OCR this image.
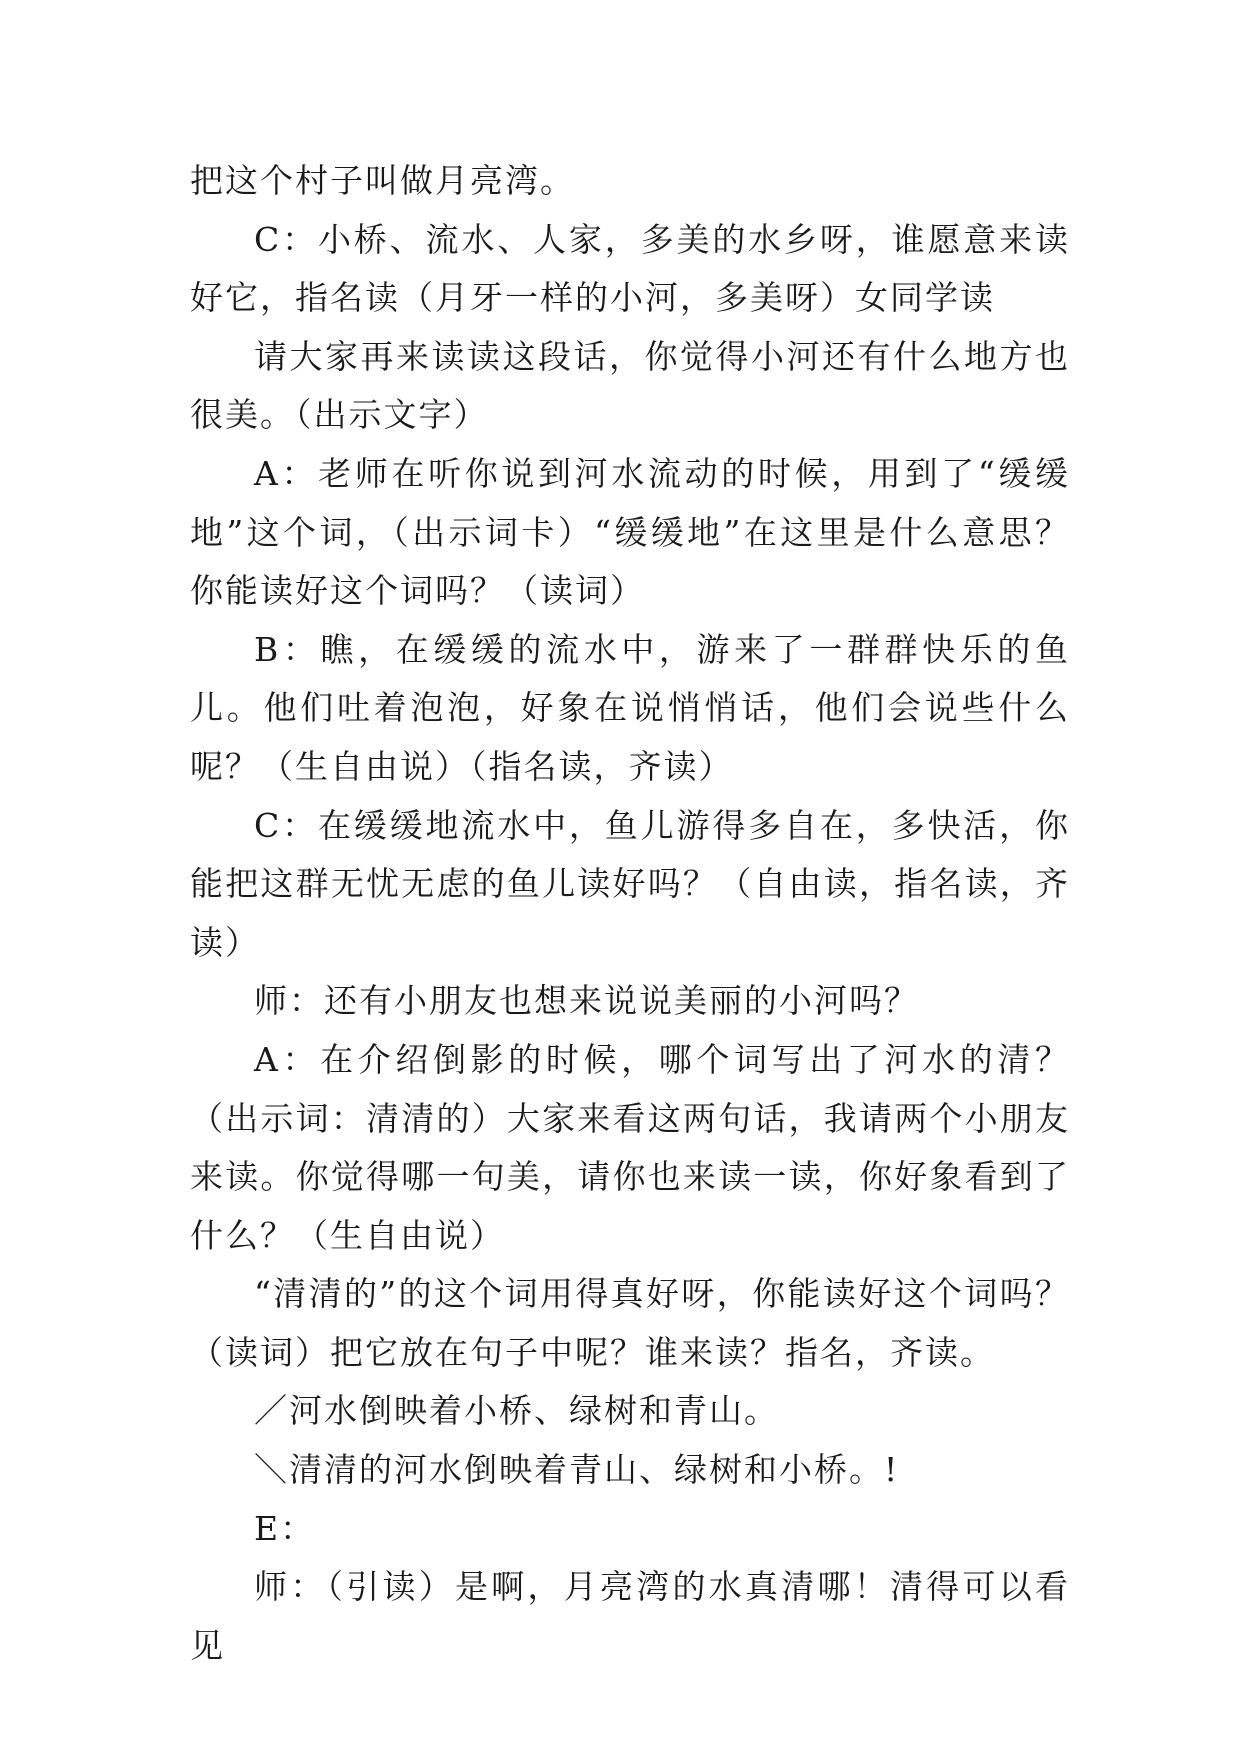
把这个村子叫做月亮湾。

C：小桥、流水、人家，多美的水乡呀，谁愿意来读好它，指名读（月牙一样的小河，多美呀）女同学读

请大家再来读读这段话，你觉得小河还有什么地方也很美。（出示文字）

A：老师在听你说到河水流动的时候，用到了“缓缓地”这个词，（出示词卡）“缓缓地”在这里是什么意思？你能读好这个词吗？（读词）

B：瞧，在缓缓的流水中，游来了一群群快乐的鱼儿。他们吐着泡泡，好象在说悄悄话，他们会说些什么呢？（生自由说）（指名读，齐读）

C：在缓缓地流水中，鱼儿游得多自在，多快活，你能把这群无忧无虑的鱼儿读好吗？（自由读，指名读，齐读）

师：还有小朋友也想来说说美丽的小河吗？

A：在介绍倒影的时候，哪个词写出了河水的清？（出示词：清清的）大家来看这两句话，我请两个小朋友来读。你觉得哪一句美，请你也来读一读，你好象看到了什么？（生自由说）

“清清的”的这个词用得真好呀，你能读好这个词吗？（读词）把它放在句子中呢？谁来读？指名，齐读。

／河水倒映着小桥、绿树和青山。

＼清清的河水倒映着青山、绿树和小桥。!

E：

师：（引读）是啊，月亮湾的水真清哪！清得可以看见
